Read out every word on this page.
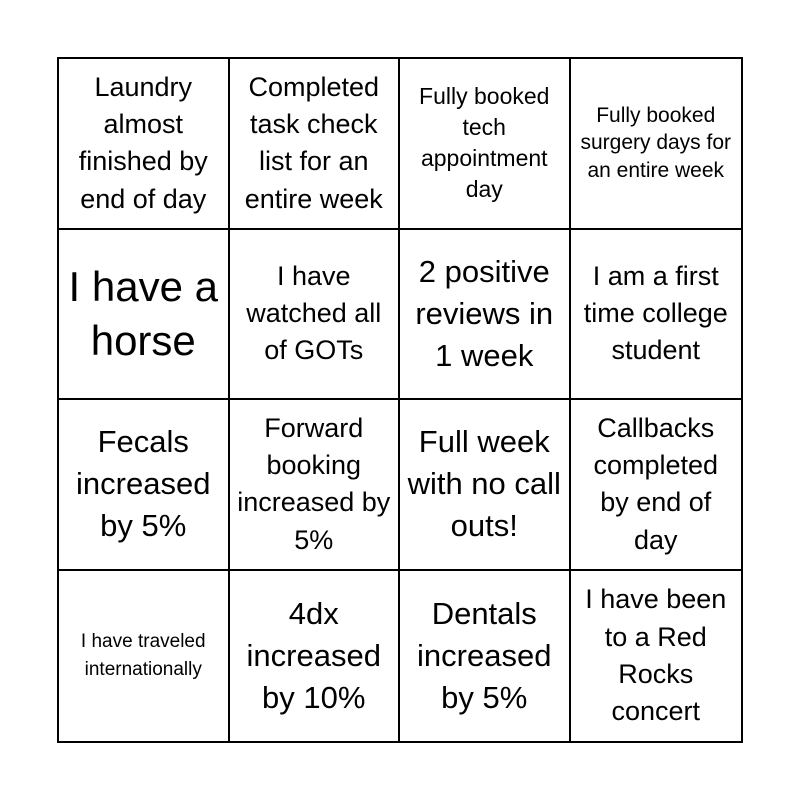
Laundry almost finished by end of day
Completed task check list for an entire week
Fully booked tech appointment day
Fully booked surgery days for an entire week
I have a horse
I have watched all of GOTs
2 positive reviews in 1 week
I am a first time college student
Fecals increased by 5%
Forward booking increased by 5%
Full week with no call outs!
Callbacks completed by end of day
I have traveled internationally
4dx increased by 10%
Dentals increased by 5%
I have been to a Red Rocks concert
